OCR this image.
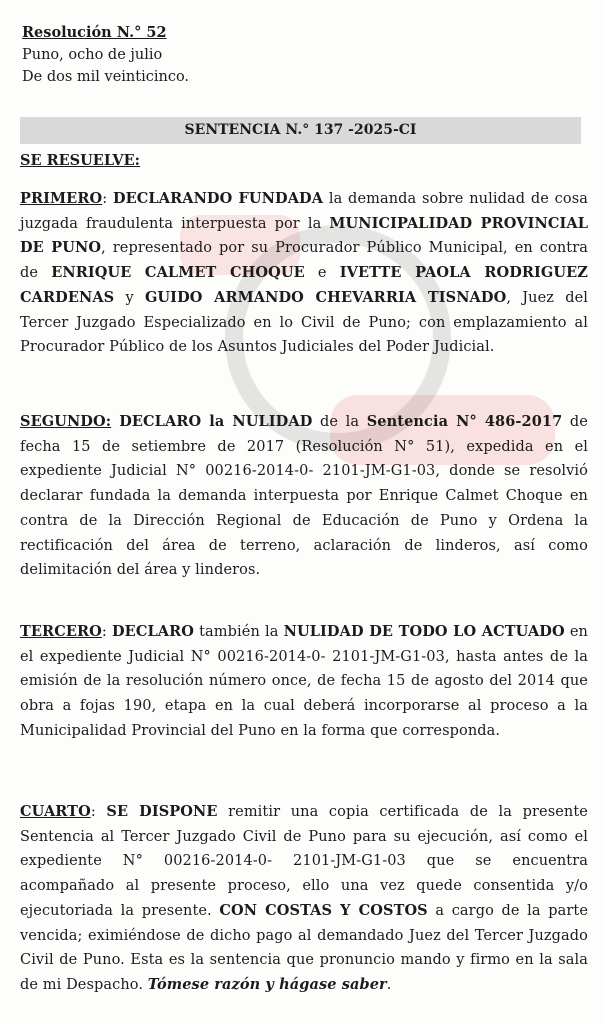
Resolución N.° 52
Puno, ocho de julio
De dos mil veinticinco.
SENTENCIA N.° 137 -2025-CI
SE RESUELVE:
PRIMERO: DECLARANDO FUNDADA la demanda sobre nulidad de cosa juzgada fraudulenta interpuesta por la MUNICIPALIDAD PROVINCIAL DE PUNO, representado por su Procurador Público Municipal, en contra de ENRIQUE CALMET CHOQUE e IVETTE PAOLA RODRIGUEZ CARDENAS y GUIDO ARMANDO CHEVARRIA TISNADO, Juez del Tercer Juzgado Especializado en lo Civil de Puno; con emplazamiento al Procurador Público de los Asuntos Judiciales del Poder Judicial.
SEGUNDO: DECLARO la NULIDAD de la Sentencia N° 486-2017 de fecha 15 de setiembre de 2017 (Resolución N° 51), expedida en el expediente Judicial N° 00216-2014-0- 2101-JM-G1-03, donde se resolvió declarar fundada la demanda interpuesta por Enrique Calmet Choque en contra de la Dirección Regional de Educación de Puno y Ordena la rectificación del área de terreno, aclaración de linderos, así como delimitación del área y linderos.
TERCERO: DECLARO también la NULIDAD DE TODO LO ACTUADO en el expediente Judicial N° 00216-2014-0- 2101-JM-G1-03, hasta antes de la emisión de la resolución número once, de fecha 15 de agosto del 2014 que obra a fojas 190, etapa en la cual deberá incorporarse al proceso a la Municipalidad Provincial del Puno en la forma que corresponda.
CUARTO: SE DISPONE remitir una copia certificada de la presente Sentencia al Tercer Juzgado Civil de Puno para su ejecución, así como el expediente N° 00216-2014-0- 2101-JM-G1-03 que se encuentra acompañado al presente proceso, ello una vez quede consentida y/o ejecutoriada la presente. CON COSTAS Y COSTOS a cargo de la parte vencida; eximiéndose de dicho pago al demandado Juez del Tercer Juzgado Civil de Puno. Esta es la sentencia que pronuncio mando y firmo en la sala de mi Despacho. Tómese razón y hágase saber.
